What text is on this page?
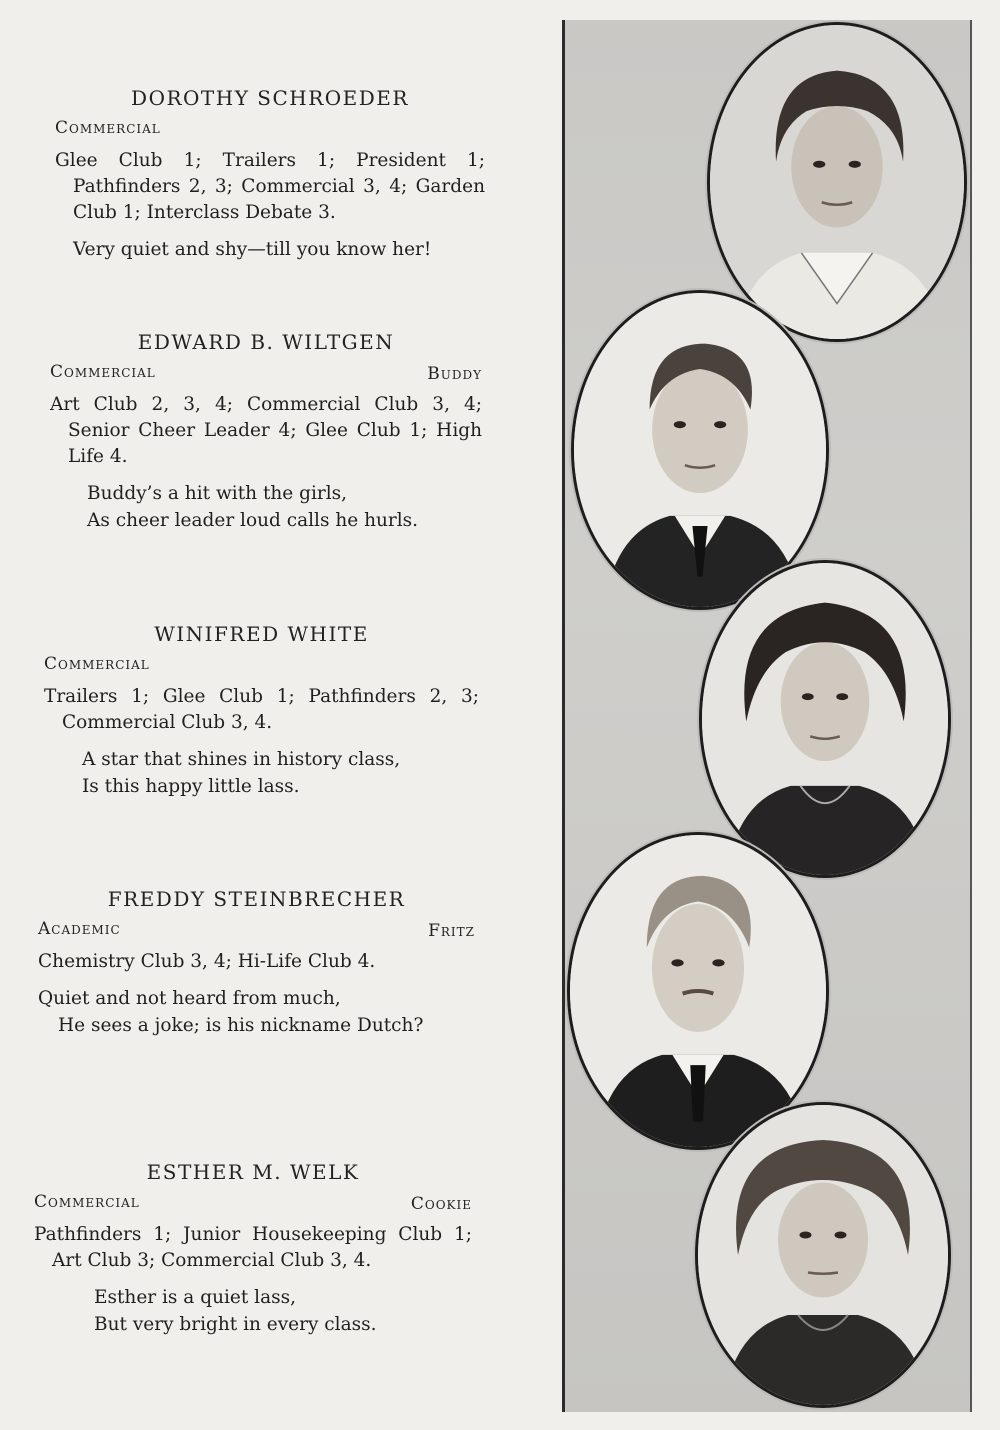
DOROTHY SCHROEDER
Commercial
Glee Club 1; Trailers 1; President 1; Pathfinders 2, 3; Commercial 3, 4; Garden Club 1; Interclass Debate 3.
Very quiet and shy—till you know her!
EDWARD B. WILTGEN
Commercial	Buddy
Art Club 2, 3, 4; Commercial Club 3, 4; Senior Cheer Leader 4; Glee Club 1; High Life 4.
Buddy’s a hit with the girls,
As cheer leader loud calls he hurls.
WINIFRED WHITE
Commercial
Trailers 1; Glee Club 1; Pathfinders 2, 3; Commercial Club 3, 4.
A star that shines in history class,
Is this happy little lass.
FREDDY STEINBRECHER
Academic	Fritz
Chemistry Club 3, 4; Hi-Life Club 4.
Quiet and not heard from much,
He sees a joke; is his nickname Dutch?
ESTHER M. WELK
Commercial	Cookie
Pathfinders 1; Junior Housekeeping Club 1; Art Club 3; Commercial Club 3, 4.
Esther is a quiet lass,
But very bright in every class.
